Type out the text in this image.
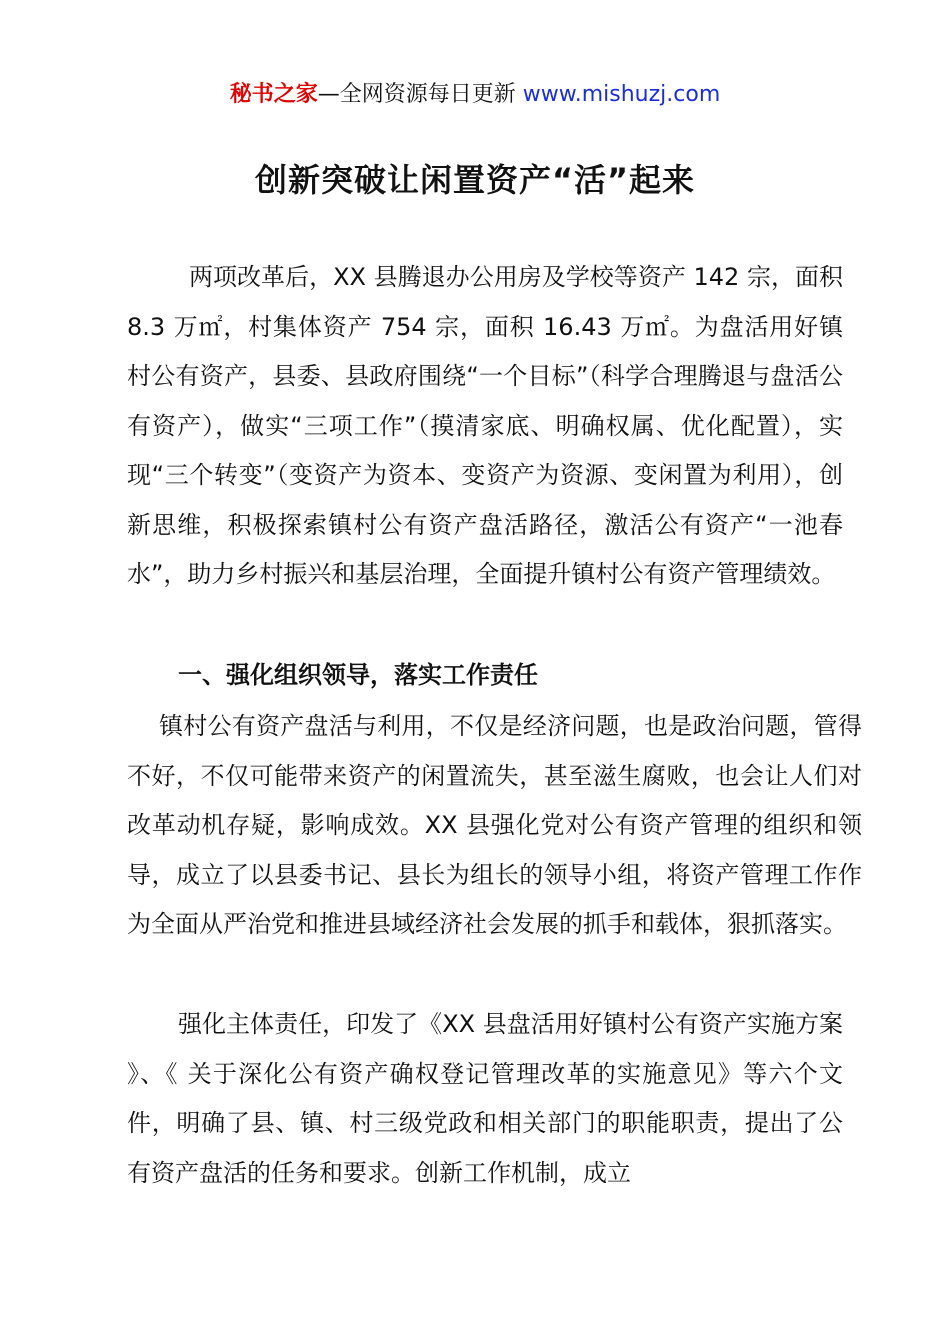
秘书之家—全网资源每日更新 www.mishuzj.com
创新突破让闲置资产“活”起来

两项改革后，XX 县腾退办公用房及学校等资产 142 宗，面积 8.3 万㎡，村集体资产 754 宗，面积 16.43 万㎡。为盘活用好镇村公有资产，县委、县政府围绕“一个目标”（科学合理腾退与盘活公有资产），做实“三项工作”（摸清家底、明确权属、优化配置），实现“三个转变”（变资产为资本、变资产为资源、变闲置为利用），创新思维，积极探索镇村公有资产盘活路径，激活公有资产“一池春水”，助力乡村振兴和基层治理，全面提升镇村公有资产管理绩效。

一、强化组织领导，落实工作责任

镇村公有资产盘活与利用，不仅是经济问题，也是政治问题，管得不好，不仅可能带来资产的闲置流失，甚至滋生腐败，也会让人们对改革动机存疑，影响成效。XX 县强化党对公有资产管理的组织和领导，成立了以县委书记、县长为组长的领导小组，将资产管理工作作为全面从严治党和推进县域经济社会发展的抓手和载体，狠抓落实。

强化主体责任，印发了《XX 县盘活用好镇村公有资产实施方案 》、《 关于深化公有资产确权登记管理改革的实施意见》等六个文件，明确了县、镇、村三级党政和相关部门的职能职责，提出了公有资产盘活的任务和要求。创新工作机制，成立
